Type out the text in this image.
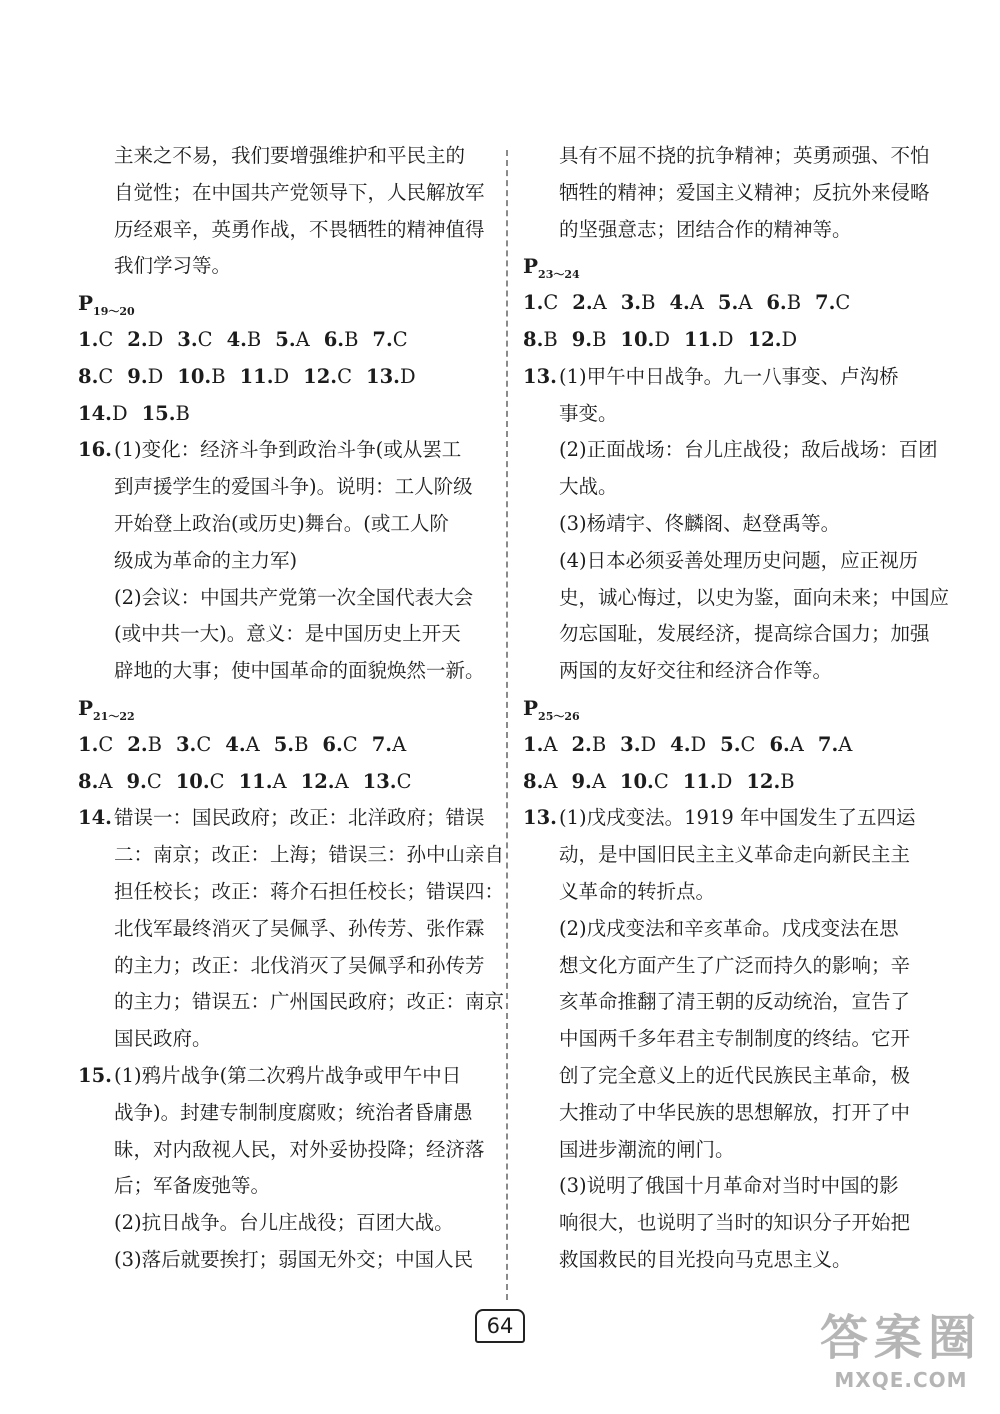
主来之不易，我们要增强维护和平民主的
自觉性；在中国共产党领导下，人民解放军
历经艰辛，英勇作战，不畏牺牲的精神值得
我们学习等。
$P_{19\sim 20}$
1.C 2.D 3.C 4.B 5.A 6.B 7.C
8.C 9.D 10.B 11.D 12.C 13.D
14.D 15.B
16. (1)变化：经济斗争到政治斗争(或从罢工
到声援学生的爱国斗争)。说明：工人阶级
开始登上政治(或历史)舞台。(或工人阶
级成为革命的主力军)
(2)会议：中国共产党第一次全国代表大会
(或中共一大)。意义：是中国历史上开天
辟地的大事；使中国革命的面貌焕然一新。
$P_{21\sim 22}$
1.C 2.B 3.C 4.A 5.B 6.C 7.A
8.A 9.C 10.C 11.A 12.A 13.C
14. 错误一：国民政府；改正：北洋政府；错误
二：南京；改正：上海；错误三：孙中山亲自
担任校长；改正：蒋介石担任校长；错误四：
北伐军最终消灭了吴佩孚、孙传芳、张作霖
的主力；改正：北伐消灭了吴佩孚和孙传芳
的主力；错误五：广州国民政府；改正：南京
国民政府。
15. (1)鸦片战争(第二次鸦片战争或甲午中日
战争)。封建专制制度腐败；统治者昏庸愚
昧，对内敌视人民，对外妥协投降；经济落
后；军备废弛等。
(2)抗日战争。台儿庄战役；百团大战。
(3)落后就要挨打；弱国无外交；中国人民
具有不屈不挠的抗争精神；英勇顽强、不怕
牺牲的精神；爱国主义精神；反抗外来侵略
的坚强意志；团结合作的精神等。
$P_{23\sim 24}$
1.C 2.A 3.B 4.A 5.A 6.B 7.C
8.B 9.B 10.D 11.D 12.D
13. (1)甲午中日战争。九一八事变、卢沟桥
事变。
(2)正面战场：台儿庄战役；敌后战场：百团
大战。
(3)杨靖宇、佟麟阁、赵登禹等。
(4)日本必须妥善处理历史问题，应正视历
史，诚心悔过，以史为鉴，面向未来；中国应
勿忘国耻，发展经济，提高综合国力；加强
两国的友好交往和经济合作等。
$P_{25\sim 26}$
1.A 2.B 3.D 4.D 5.C 6.A 7.A
8.A 9.A 10.C 11.D 12.B
13. (1)戊戌变法。1919 年中国发生了五四运
动，是中国旧民主主义革命走向新民主主
义革命的转折点。
(2)戊戌变法和辛亥革命。戊戌变法在思
想文化方面产生了广泛而持久的影响；辛
亥革命推翻了清王朝的反动统治，宣告了
中国两千多年君主专制制度的终结。它开
创了完全意义上的近代民族民主革命，极
大推动了中华民族的思想解放，打开了中
国进步潮流的闸门。
(3)说明了俄国十月革命对当时中国的影
响很大，也说明了当时的知识分子开始把
救国救民的目光投向马克思主义。
64	答案圈
MXQE.COM
